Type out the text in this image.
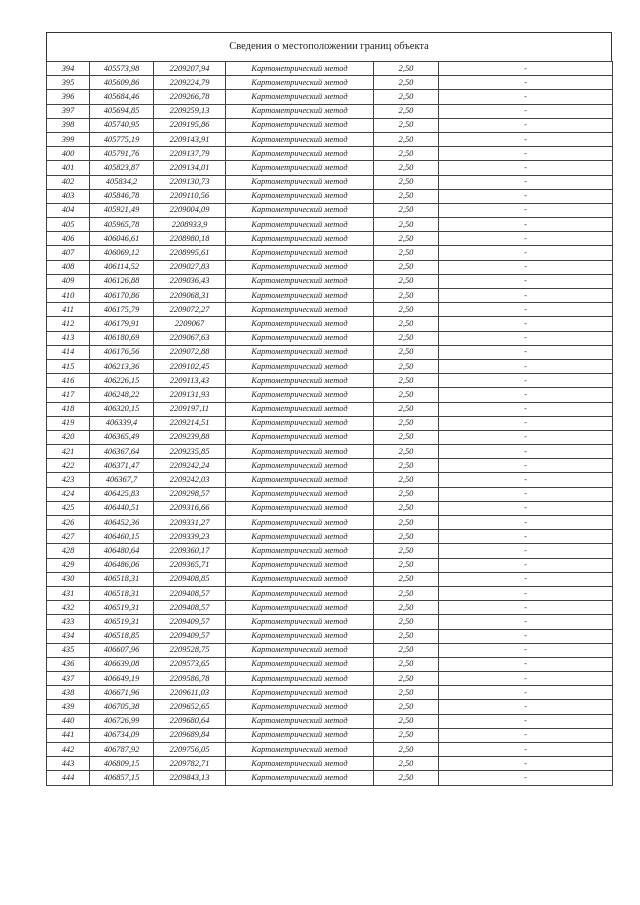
Сведения о местоположении границ объекта
394	405573,98	2209207,94	Картометрический метод	2,50	-
395	405609,86	2209224,79	Картометрический метод	2,50	-
396	405684,46	2209266,78	Картометрический метод	2,50	-
397	405694,85	2209259,13	Картометрический метод	2,50	-
398	405740,95	2209195,86	Картометрический метод	2,50	-
399	405775,19	2209143,91	Картометрический метод	2,50	-
400	405791,76	2209137,79	Картометрический метод	2,50	-
401	405823,87	2209134,01	Картометрический метод	2,50	-
402	405834,2	2209130,73	Картометрический метод	2,50	-
403	405846,78	2209110,56	Картометрический метод	2,50	-
404	405921,49	2209004,09	Картометрический метод	2,50	-
405	405965,78	2208933,9	Картометрический метод	2,50	-
406	406046,61	2208980,18	Картометрический метод	2,50	-
407	406069,12	2208995,61	Картометрический метод	2,50	-
408	406114,52	2209027,83	Картометрический метод	2,50	-
409	406126,88	2209036,43	Картометрический метод	2,50	-
410	406170,86	2209068,31	Картометрический метод	2,50	-
411	406175,79	2209072,27	Картометрический метод	2,50	-
412	406179,91	2209067	Картометрический метод	2,50	-
413	406180,69	2209067,63	Картометрический метод	2,50	-
414	406176,56	2209072,88	Картометрический метод	2,50	-
415	406213,36	2209102,45	Картометрический метод	2,50	-
416	406226,15	2209113,43	Картометрический метод	2,50	-
417	406248,22	2209131,93	Картометрический метод	2,50	-
418	406320,15	2209197,11	Картометрический метод	2,50	-
419	406339,4	2209214,51	Картометрический метод	2,50	-
420	406365,49	2209239,88	Картометрический метод	2,50	-
421	406367,64	2209235,85	Картометрический метод	2,50	-
422	406371,47	2209242,24	Картометрический метод	2,50	-
423	406367,7	2209242,03	Картометрический метод	2,50	-
424	406425,83	2209298,57	Картометрический метод	2,50	-
425	406440,51	2209316,66	Картометрический метод	2,50	-
426	406452,36	2209331,27	Картометрический метод	2,50	-
427	406460,15	2209339,23	Картометрический метод	2,50	-
428	406480,64	2209360,17	Картометрический метод	2,50	-
429	406486,06	2209365,71	Картометрический метод	2,50	-
430	406518,31	2209408,85	Картометрический метод	2,50	-
431	406518,31	2209408,57	Картометрический метод	2,50	-
432	406519,31	2209408,57	Картометрический метод	2,50	-
433	406519,31	2209409,57	Картометрический метод	2,50	-
434	406518,85	2209409,57	Картометрический метод	2,50	-
435	406607,96	2209528,75	Картометрический метод	2,50	-
436	406639,08	2209573,65	Картометрический метод	2,50	-
437	406649,19	2209586,78	Картометрический метод	2,50	-
438	406671,96	2209611,03	Картометрический метод	2,50	-
439	406705,38	2209652,65	Картометрический метод	2,50	-
440	406726,99	2209680,64	Картометрический метод	2,50	-
441	406734,09	2209689,84	Картометрический метод	2,50	-
442	406787,92	2209756,05	Картометрический метод	2,50	-
443	406809,15	2209782,71	Картометрический метод	2,50	-
444	406857,15	2209843,13	Картометрический метод	2,50	-
